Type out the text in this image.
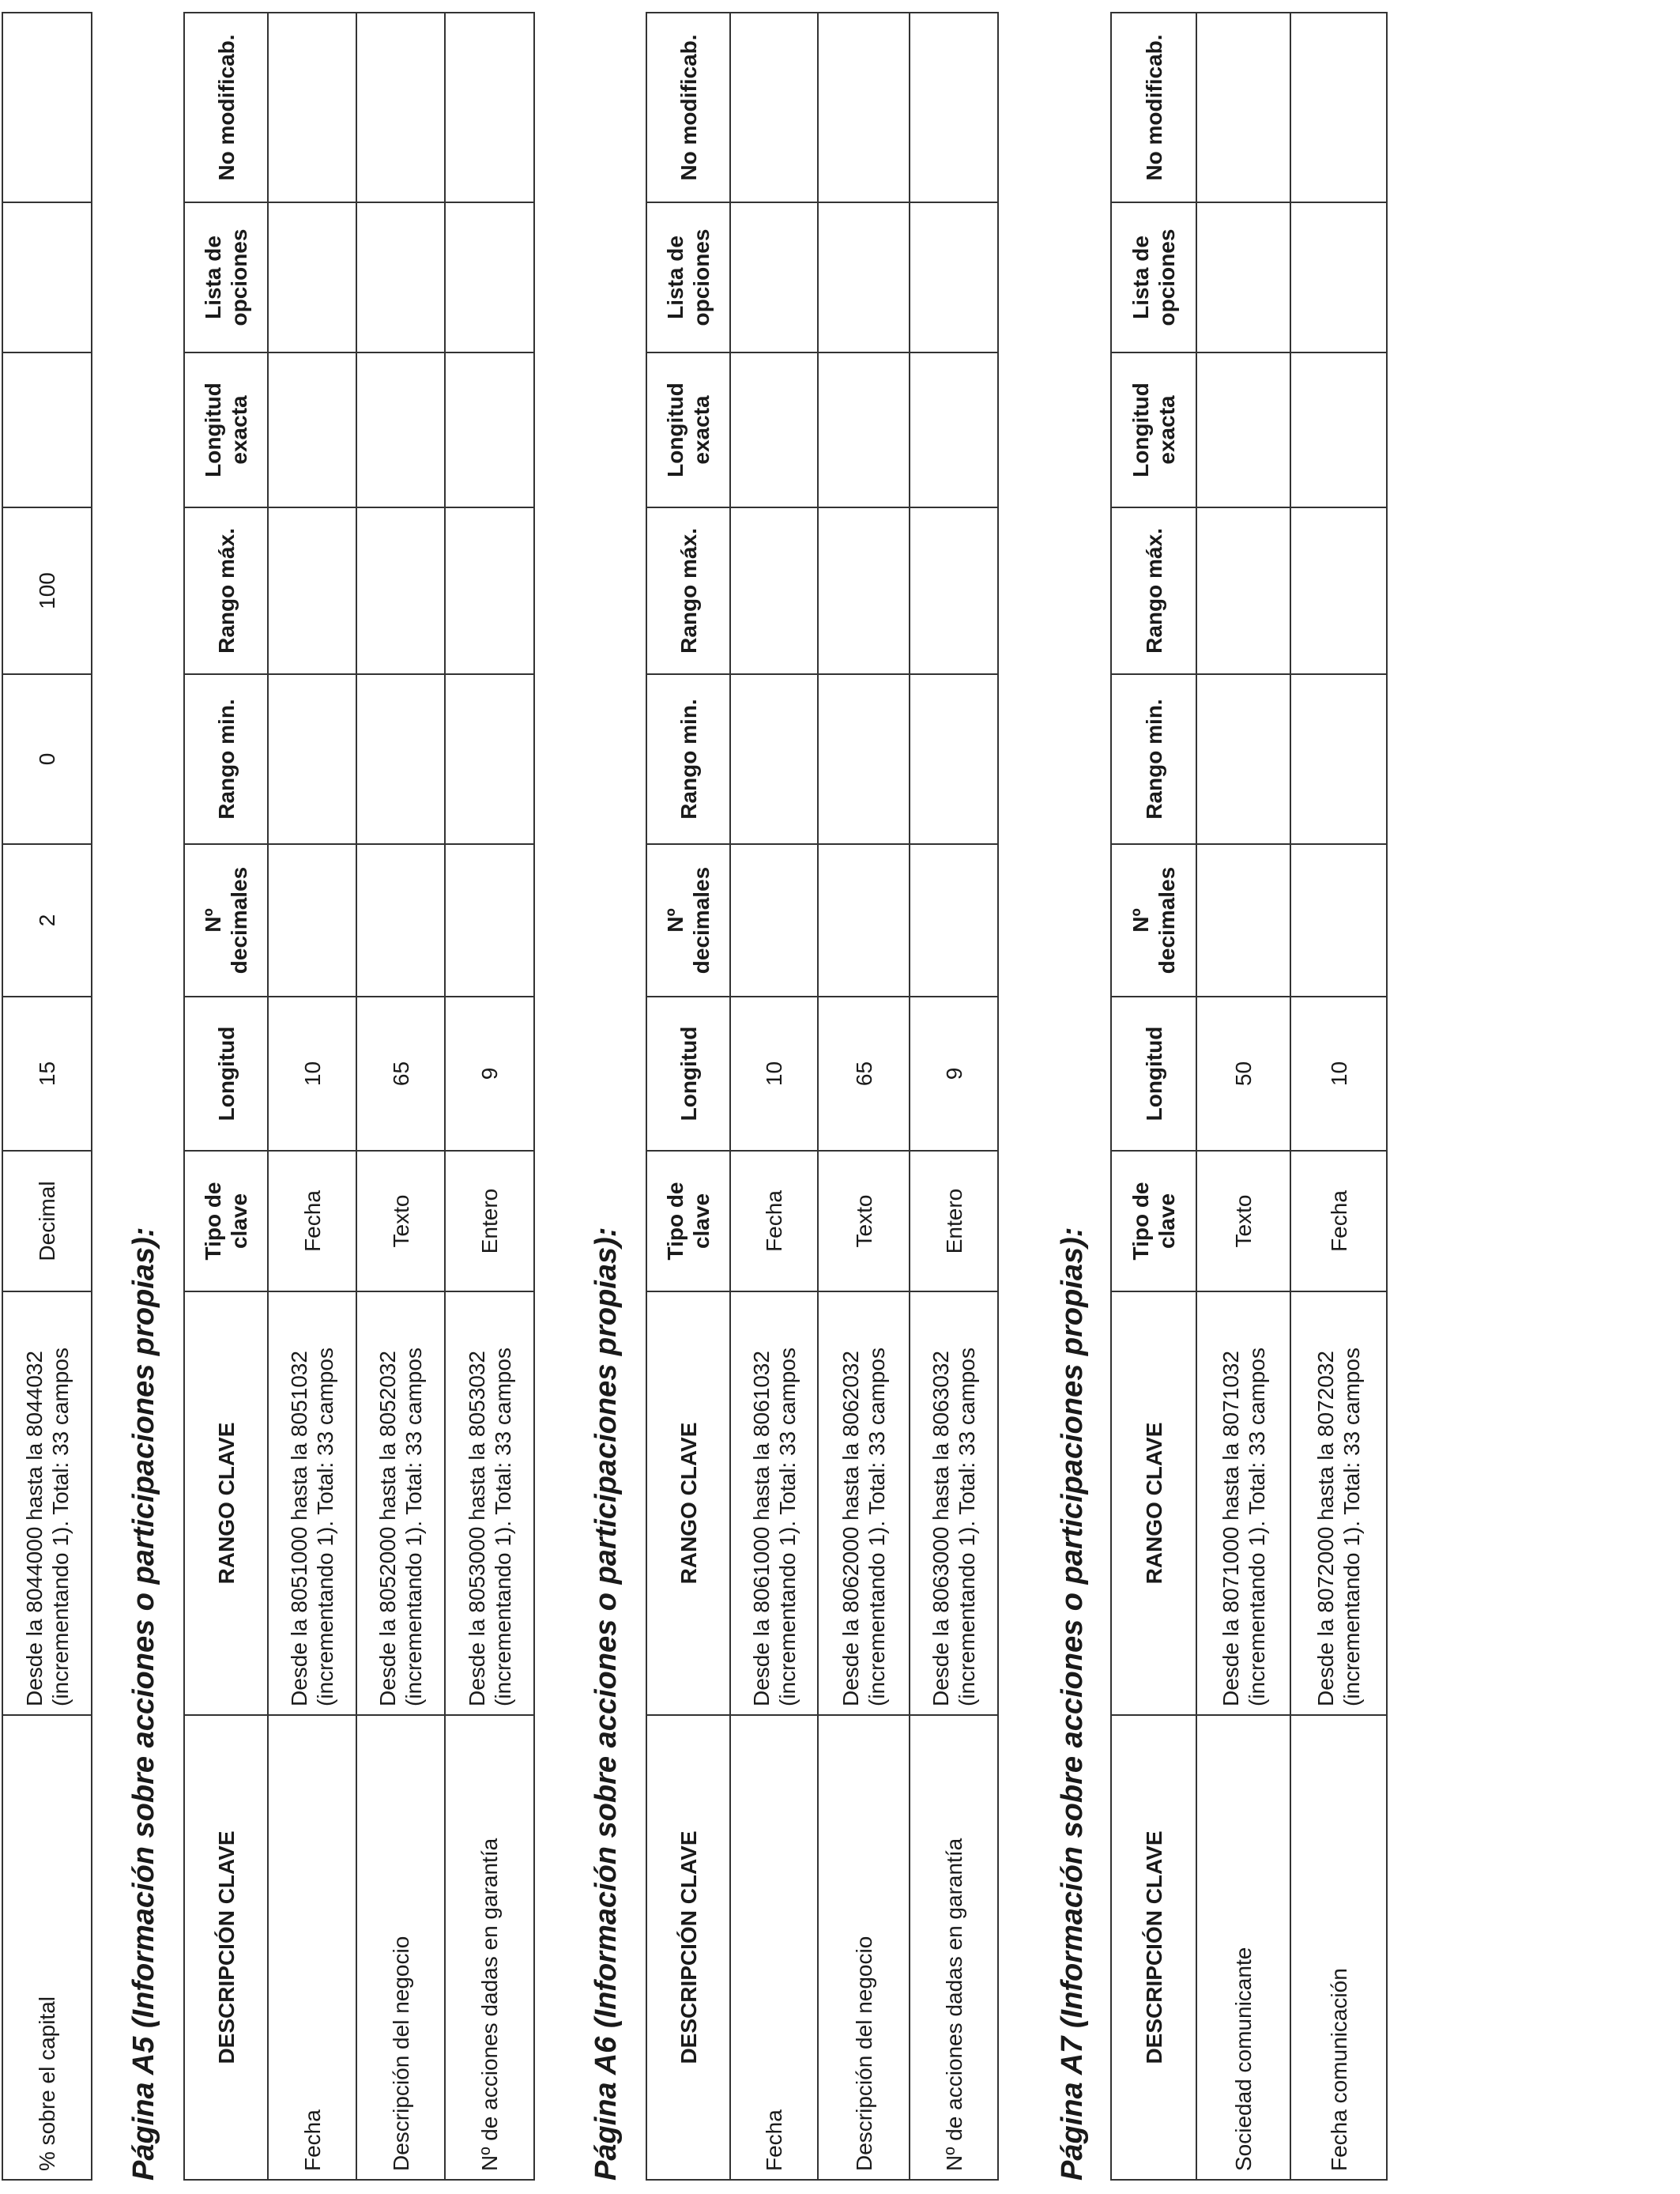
% sobre el capital	Desde la 8044000 hasta la 8044032 (incrementando 1). Total: 33 campos	Decimal	15	2	0	100			
Página A5 (Información sobre acciones o participaciones propias): DESCRIPCIÓN CLAVE	RANGO CLAVE	Tipo de clave	Longitud	Nº decimales	Rango min.	Rango máx.	Longitud exacta	Lista de opciones	No modificab.
Fecha	Desde la 8051000 hasta la 8051032 (incrementando 1). Total: 33 campos	Fecha	10						
Descripción del negocio	Desde la 8052000 hasta la 8052032 (incrementando 1). Total: 33 campos	Texto	65						
Nº de acciones dadas en garantía	Desde la 8053000 hasta la 8053032 (incrementando 1). Total: 33 campos	Entero	9						
Página A6 (Información sobre acciones o participaciones propias): DESCRIPCIÓN CLAVE	RANGO CLAVE	Tipo de clave	Longitud	Nº decimales	Rango min.	Rango máx.	Longitud exacta	Lista de opciones	No modificab.
Fecha	Desde la 8061000 hasta la 8061032 (incrementando 1). Total: 33 campos	Fecha	10						
Descripción del negocio	Desde la 8062000 hasta la 8062032 (incrementando 1). Total: 33 campos	Texto	65						
Nº de acciones dadas en garantía	Desde la 8063000 hasta la 8063032 (incrementando 1). Total: 33 campos	Entero	9						
Página A7 (Información sobre acciones o participaciones propias): DESCRIPCIÓN CLAVE	RANGO CLAVE	Tipo de clave	Longitud	Nº decimales	Rango min.	Rango máx.	Longitud exacta	Lista de opciones	No modificab.
Sociedad comunicante	Desde la 8071000 hasta la 8071032 (incrementando 1). Total: 33 campos	Texto	50						
Fecha comunicación	Desde la 8072000 hasta la 8072032 (incrementando 1). Total: 33 campos	Fecha	10						
